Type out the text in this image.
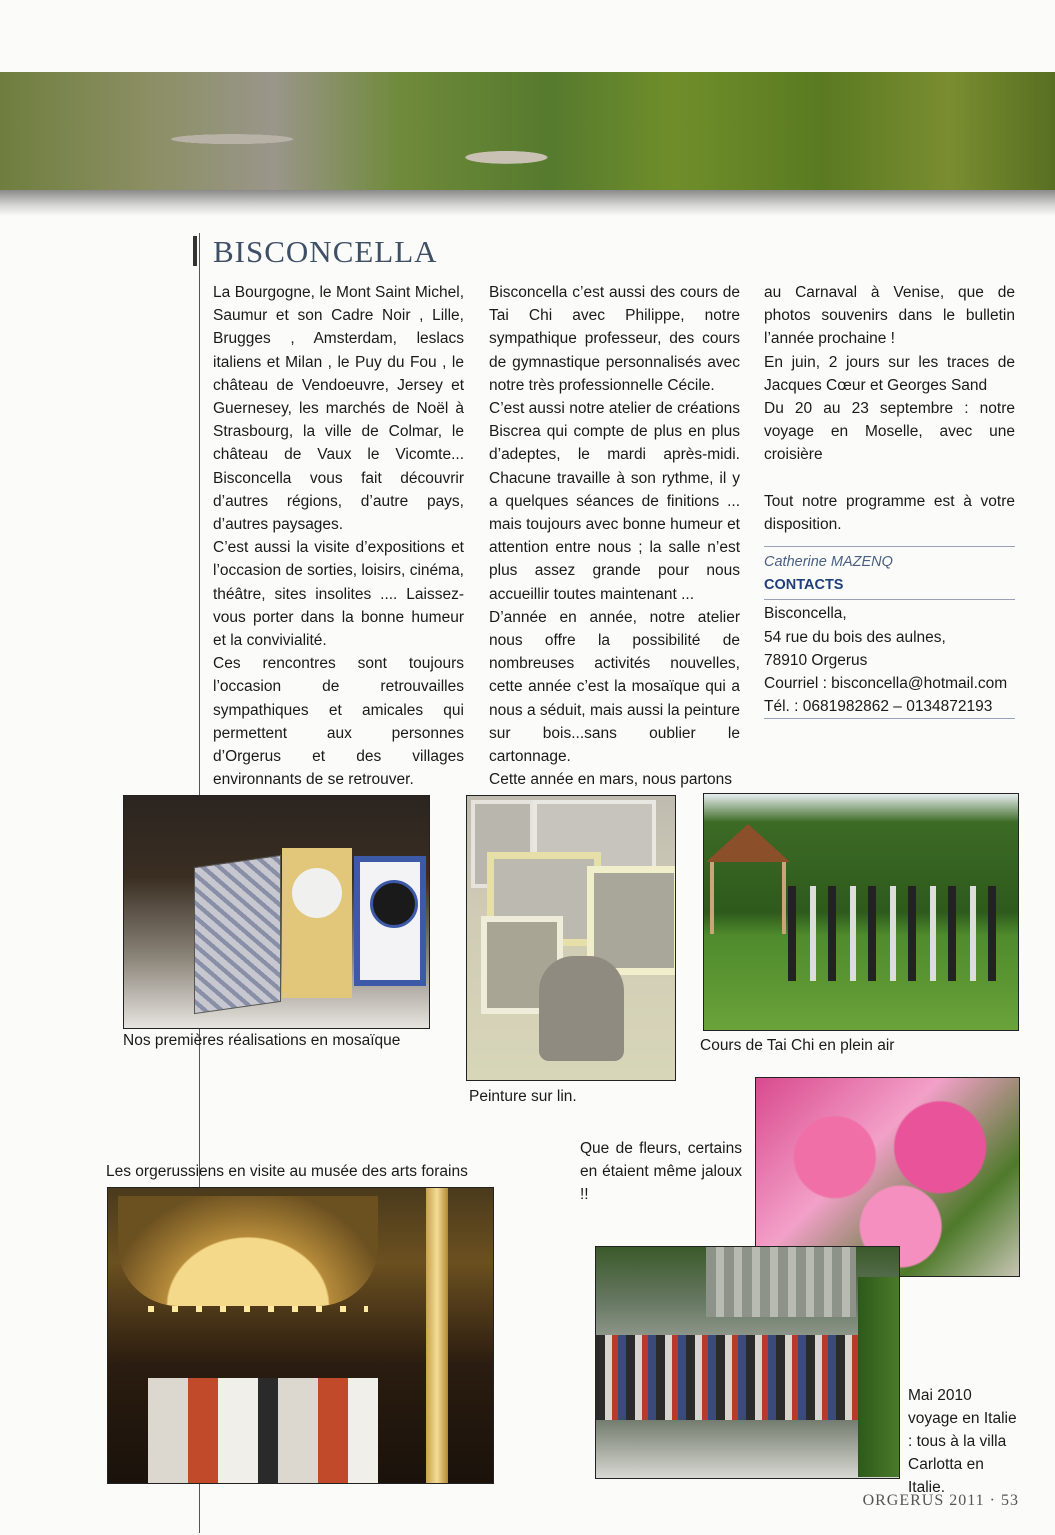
BISCONCELLA

La Bourgogne, le Mont Saint Michel, Saumur et son Cadre Noir , Lille, Brugges , Amsterdam, leslacs italiens et Milan , le Puy du Fou , le château de Vendoeuvre, Jersey et Guernesey, les marchés de Noël à Strasbourg, la ville de Colmar, le château de Vaux le Vicomte... Bisconcella vous fait découvrir d’autres régions, d’autre pays, d’autres paysages.

C’est aussi la visite d’expositions et l’occasion de sorties, loisirs, cinéma, théâtre, sites insolites .... Laissez-vous porter dans la bonne humeur et la convivialité.

Ces rencontres sont toujours l’occasion de retrouvailles sympathiques et amicales qui permettent aux personnes d’Orgerus et des villages environnants de se retrouver.

Bisconcella c’est aussi des cours de Tai Chi avec Philippe, notre sympathique professeur, des cours de gymnastique personnalisés avec notre très professionnelle Cécile.

C’est aussi notre atelier de créations Biscrea qui compte de plus en plus d’adeptes, le mardi après-midi. Chacune travaille à son rythme, il y a quelques séances de finitions ... mais toujours avec bonne humeur et attention entre nous ; la salle n’est plus assez grande pour nous accueillir toutes maintenant ...

D’année en année, notre atelier nous offre la possibilité de nombreuses activités nouvelles, cette année c’est la mosaïque qui a nous a séduit, mais aussi la peinture sur bois...sans oublier le cartonnage.

Cette année en mars, nous partons

au Carnaval à Venise, que de photos souvenirs dans le bulletin l’année prochaine !

En juin, 2 jours sur les traces de Jacques Cœur et Georges Sand

Du 20 au 23 septembre : notre voyage en Moselle, avec une croisière

Tout notre programme est à votre disposition.

Catherine MAZENQ

CONTACTS
Bisconcella,
54 rue du bois des aulnes,
78910 Orgerus
Courriel : bisconcella@hotmail.com
Tél. : 0681982862 – 0134872193
Nos premières réalisations en mosaïque
Peinture sur lin.
Cours de Tai Chi en plein air
Que de fleurs, certains en étaient même jaloux !!
Les orgerussiens en visite au musée des arts forains
Mai 2010 voyage en Italie : tous à la villa Carlotta en Italie.
ORGERUS 2011 · 53
